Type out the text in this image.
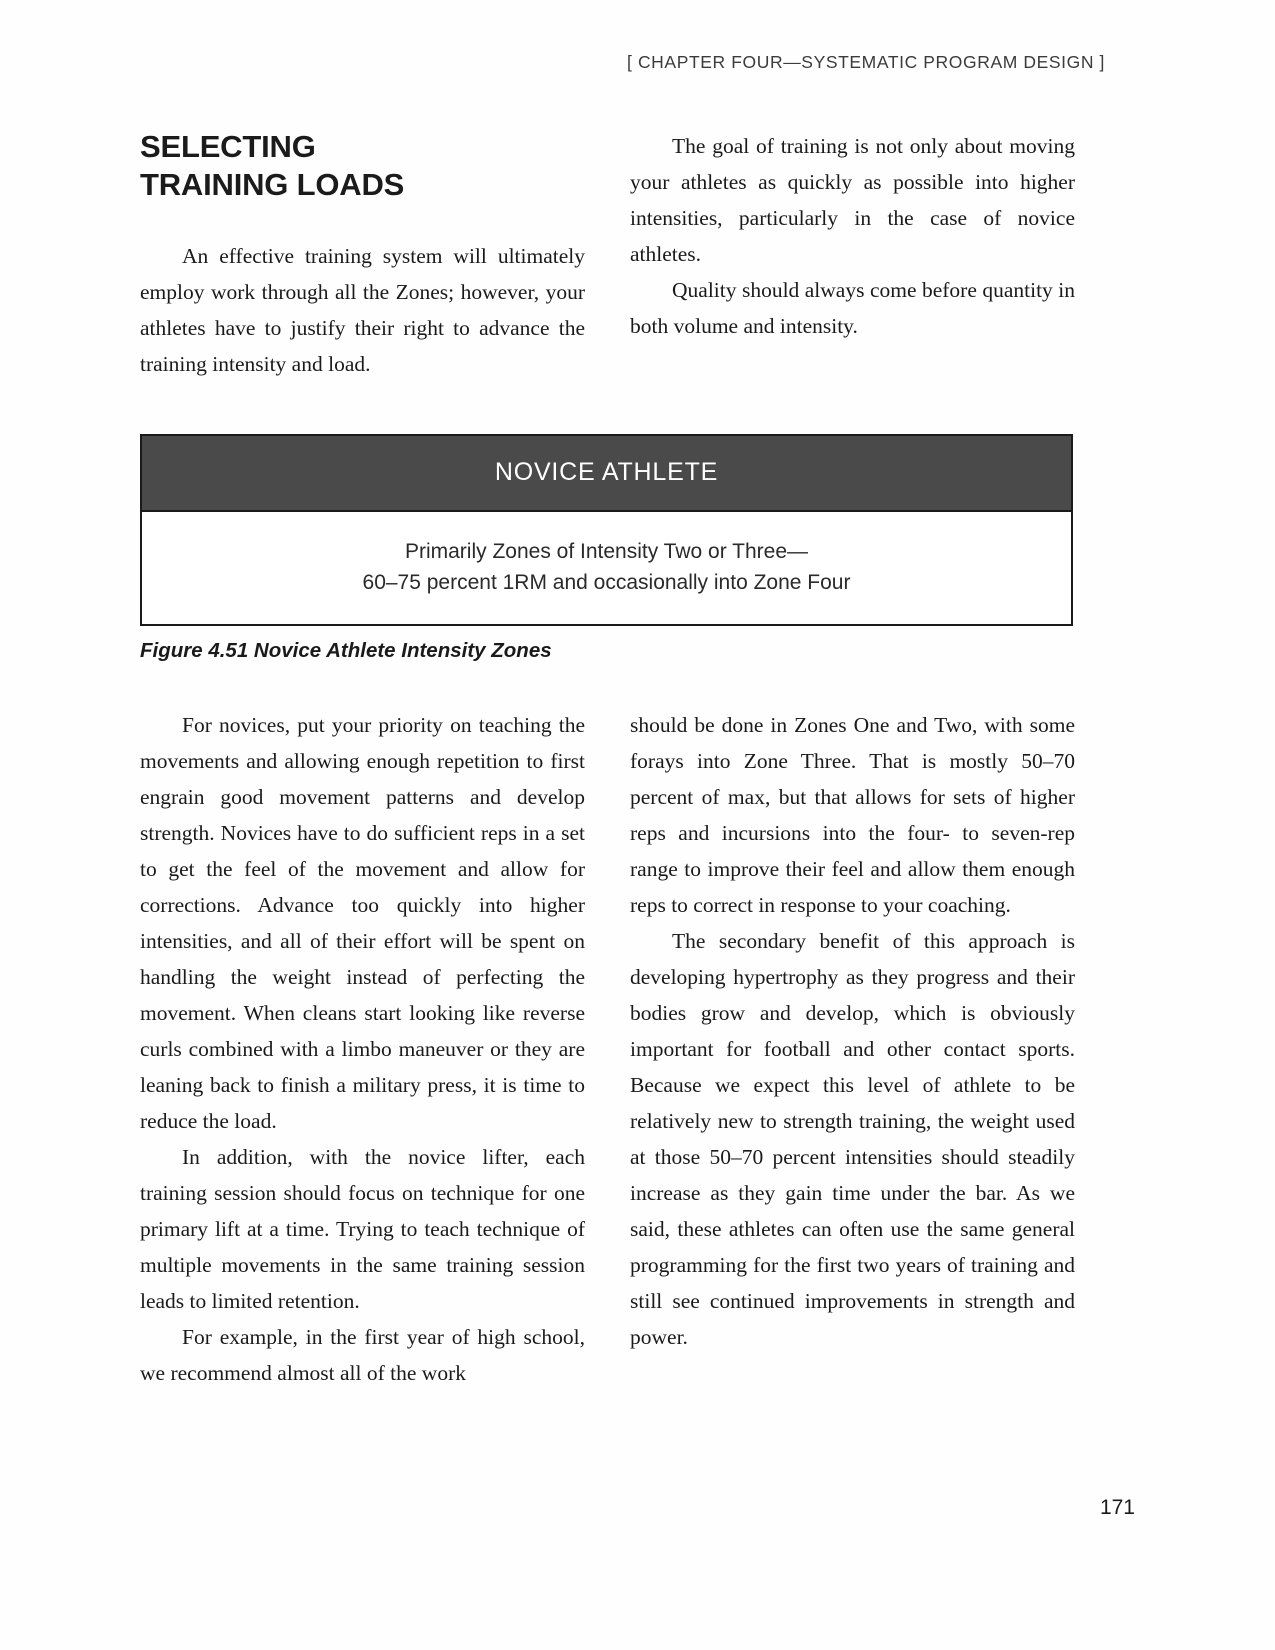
[ CHAPTER FOUR—SYSTEMATIC PROGRAM DESIGN ]
SELECTING
TRAINING LOADS

An effective training system will ultimately employ work through all the Zones; however, your athletes have to justify their right to advance the training intensity and load.

The goal of training is not only about moving your athletes as quickly as possible into higher intensities, particularly in the case of novice athletes.

Quality should always come before quantity in both volume and intensity.

NOVICE ATHLETE
Primarily Zones of Intensity Two or Three—
60–75 percent 1RM and occasionally into Zone Four
Figure 4.51 Novice Athlete Intensity Zones

For novices, put your priority on teaching the movements and allowing enough repetition to first engrain good movement patterns and develop strength. Novices have to do sufficient reps in a set to get the feel of the movement and allow for corrections. Advance too quickly into higher intensities, and all of their effort will be spent on handling the weight instead of perfecting the movement. When cleans start looking like reverse curls combined with a limbo maneuver or they are leaning back to finish a military press, it is time to reduce the load.

In addition, with the novice lifter, each training session should focus on technique for one primary lift at a time. Trying to teach technique of multiple movements in the same training session leads to limited retention.

For example, in the first year of high school, we recommend almost all of the work

should be done in Zones One and Two, with some forays into Zone Three. That is mostly 50–70 percent of max, but that allows for sets of higher reps and incursions into the four- to seven-rep range to improve their feel and allow them enough reps to correct in response to your coaching.

The secondary benefit of this approach is developing hypertrophy as they progress and their bodies grow and develop, which is obviously important for football and other contact sports. Because we expect this level of athlete to be relatively new to strength training, the weight used at those 50–70 percent intensities should steadily increase as they gain time under the bar. As we said, these athletes can often use the same general programming for the first two years of training and still see continued improvements in strength and power.

171
